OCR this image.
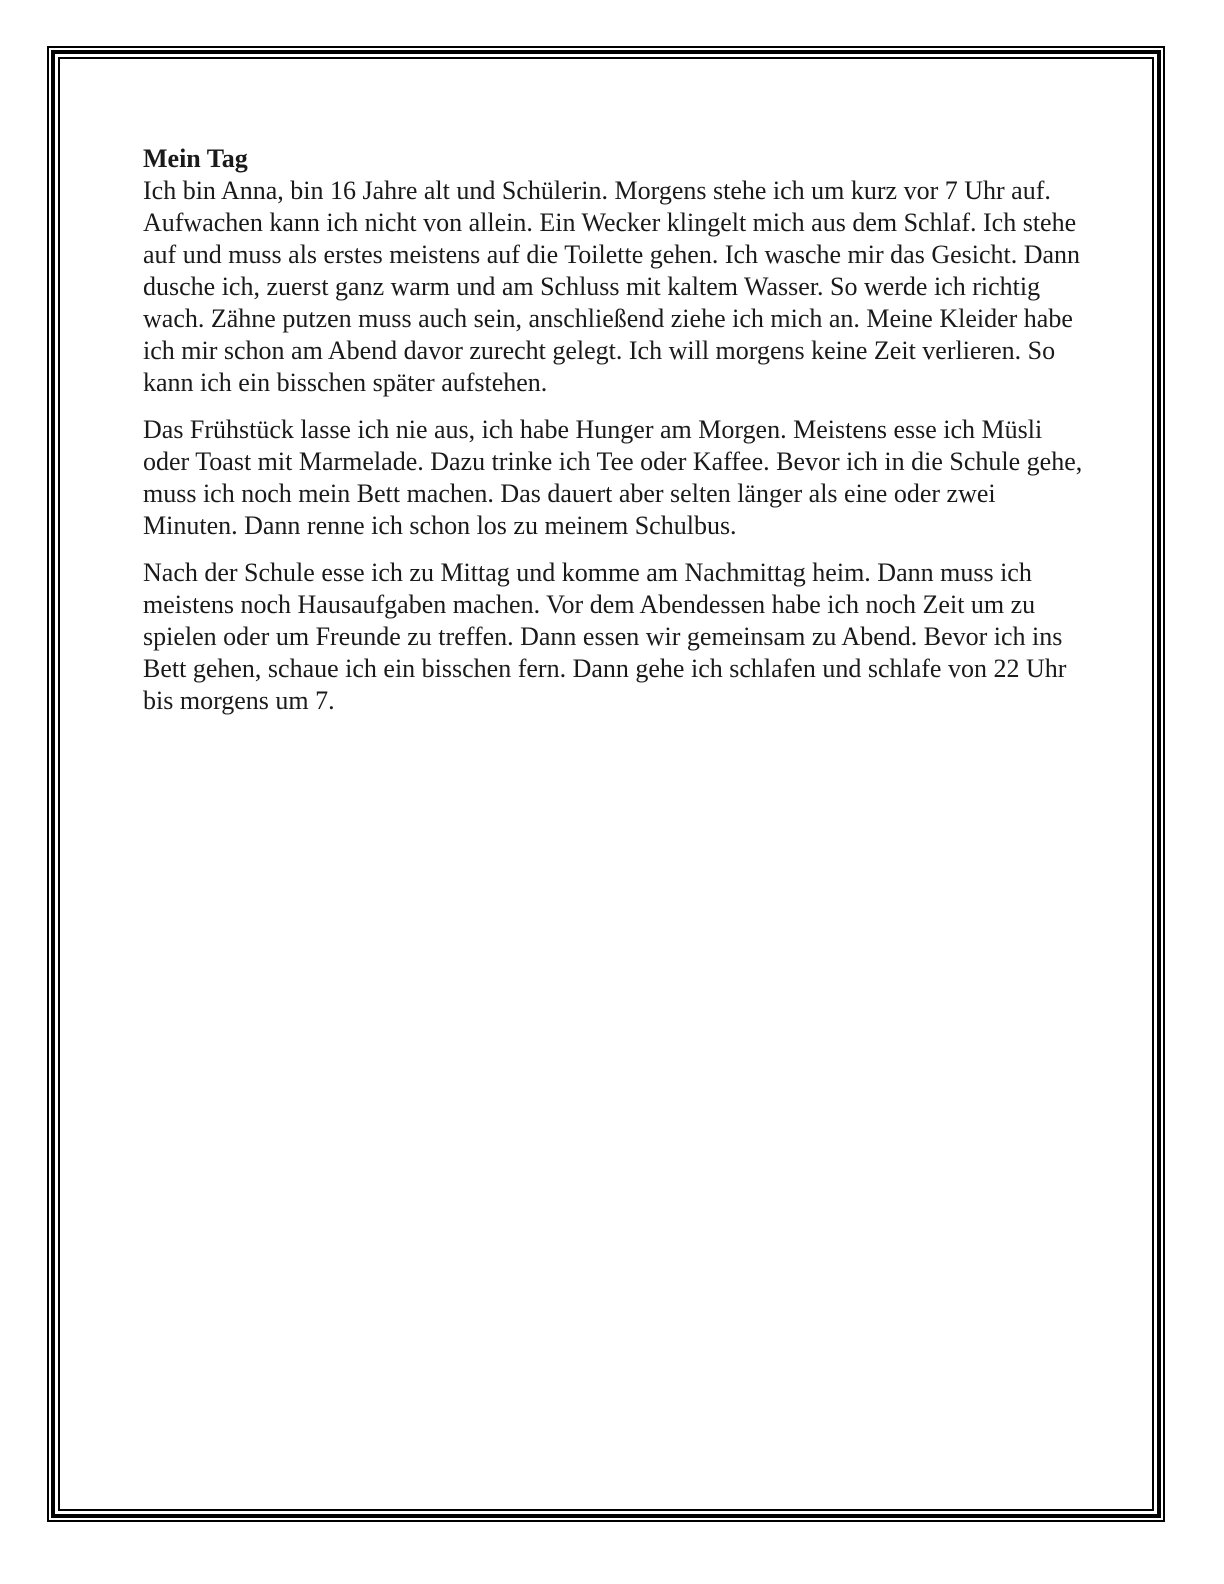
Mein Tag

Ich bin Anna, bin 16 Jahre alt und Schülerin. Morgens stehe ich um kurz vor 7 Uhr auf. Aufwachen kann ich nicht von allein. Ein Wecker klingelt mich aus dem Schlaf. Ich stehe auf und muss als erstes meistens auf die Toilette gehen. Ich wasche mir das Gesicht. Dann dusche ich, zuerst ganz warm und am Schluss mit kaltem Wasser. So werde ich richtig wach. Zähne putzen muss auch sein, anschließend ziehe ich mich an. Meine Kleider habe ich mir schon am Abend davor zurecht gelegt. Ich will morgens keine Zeit verlieren. So kann ich ein bisschen später aufstehen.

Das Frühstück lasse ich nie aus, ich habe Hunger am Morgen. Meistens esse ich Müsli oder Toast mit Marmelade. Dazu trinke ich Tee oder Kaffee. Bevor ich in die Schule gehe, muss ich noch mein Bett machen. Das dauert aber selten länger als eine oder zwei Minuten. Dann renne ich schon los zu meinem Schulbus.

Nach der Schule esse ich zu Mittag und komme am Nachmittag heim. Dann muss ich meistens noch Hausaufgaben machen. Vor dem Abendessen habe ich noch Zeit um zu spielen oder um Freunde zu treffen. Dann essen wir gemeinsam zu Abend. Bevor ich ins Bett gehen, schaue ich ein bisschen fern. Dann gehe ich schlafen und schlafe von 22 Uhr bis morgens um 7.
